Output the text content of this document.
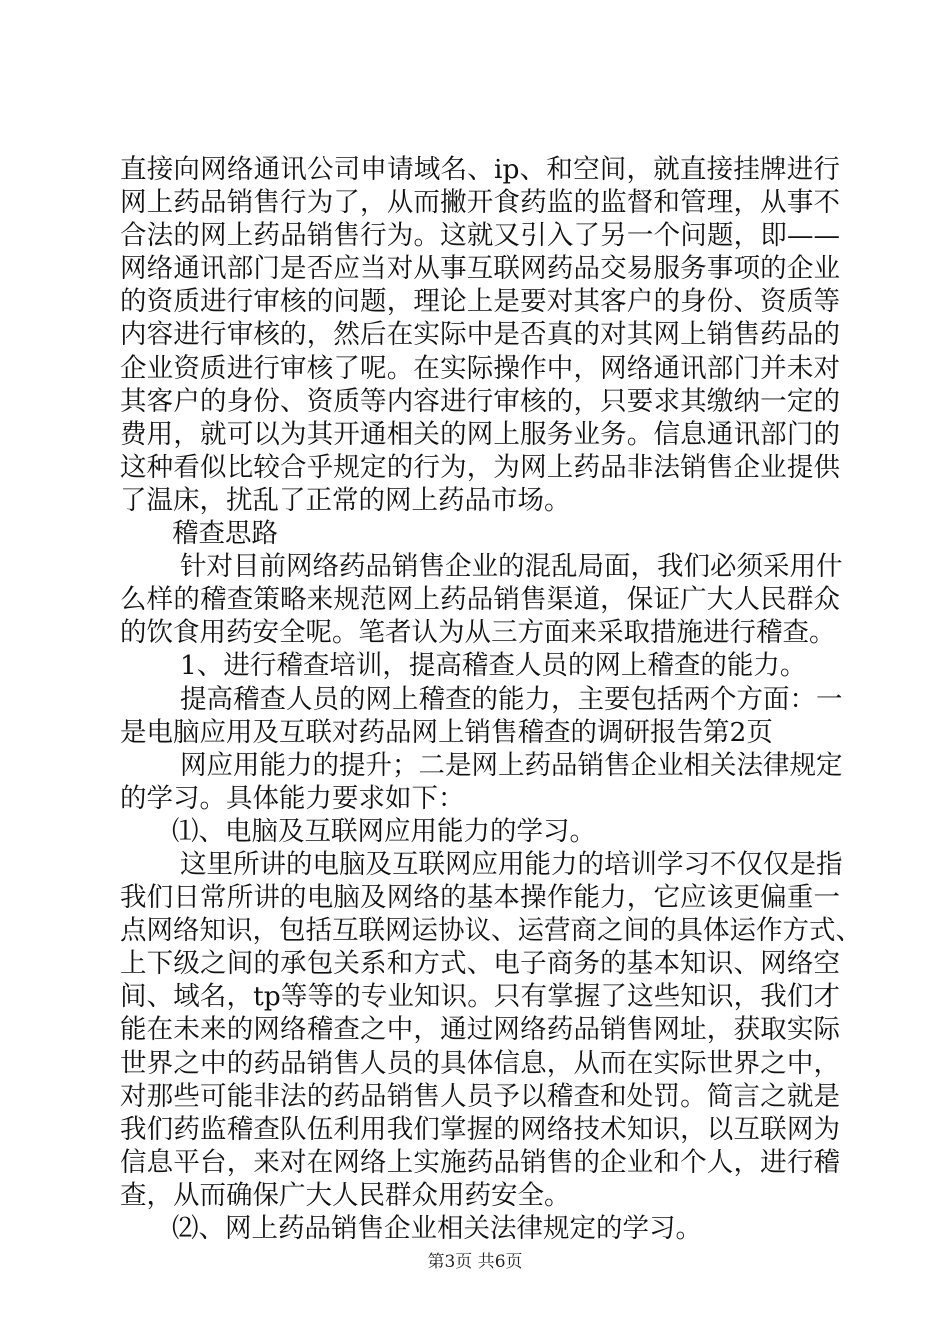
直接向网络通讯公司申请域名、ip、和空间，就直接挂牌进行
网上药品销售行为了，从而撇开食药监的监督和管理，从事不
合法的网上药品销售行为。这就又引入了另一个问题，即——
网络通讯部门是否应当对从事互联网药品交易服务事项的企业
的资质进行审核的问题，理论上是要对其客户的身份、资质等
内容进行审核的，然后在实际中是否真的对其网上销售药品的
企业资质进行审核了呢。在实际操作中，网络通讯部门并未对
其客户的身份、资质等内容进行审核的，只要求其缴纳一定的
费用，就可以为其开通相关的网上服务业务。信息通讯部门的
这种看似比较合乎规定的行为，为网上药品非法销售企业提供
了温床，扰乱了正常的网上药品市场。
稽查思路
针对目前网络药品销售企业的混乱局面，我们必须采用什
么样的稽查策略来规范网上药品销售渠道，保证广大人民群众
的饮食用药安全呢。笔者认为从三方面来采取措施进行稽查。
1、进行稽查培训，提高稽查人员的网上稽查的能力。
提高稽查人员的网上稽查的能力，主要包括两个方面：一
是电脑应用及互联对药品网上销售稽查的调研报告第2页
网应用能力的提升；二是网上药品销售企业相关法律规定
的学习。具体能力要求如下：
⑴、电脑及互联网应用能力的学习。
这里所讲的电脑及互联网应用能力的培训学习不仅仅是指
我们日常所讲的电脑及网络的基本操作能力，它应该更偏重一
点网络知识，包括互联网运协议、运营商之间的具体运作方式、
上下级之间的承包关系和方式、电子商务的基本知识、网络空
间、域名，tp等等的专业知识。只有掌握了这些知识，我们才
能在未来的网络稽查之中，通过网络药品销售网址，获取实际
世界之中的药品销售人员的具体信息，从而在实际世界之中，
对那些可能非法的药品销售人员予以稽查和处罚。简言之就是
我们药监稽查队伍利用我们掌握的网络技术知识，以互联网为
信息平台，来对在网络上实施药品销售的企业和个人，进行稽
查，从而确保广大人民群众用药安全。
⑵、网上药品销售企业相关法律规定的学习。
第3页 共6页
